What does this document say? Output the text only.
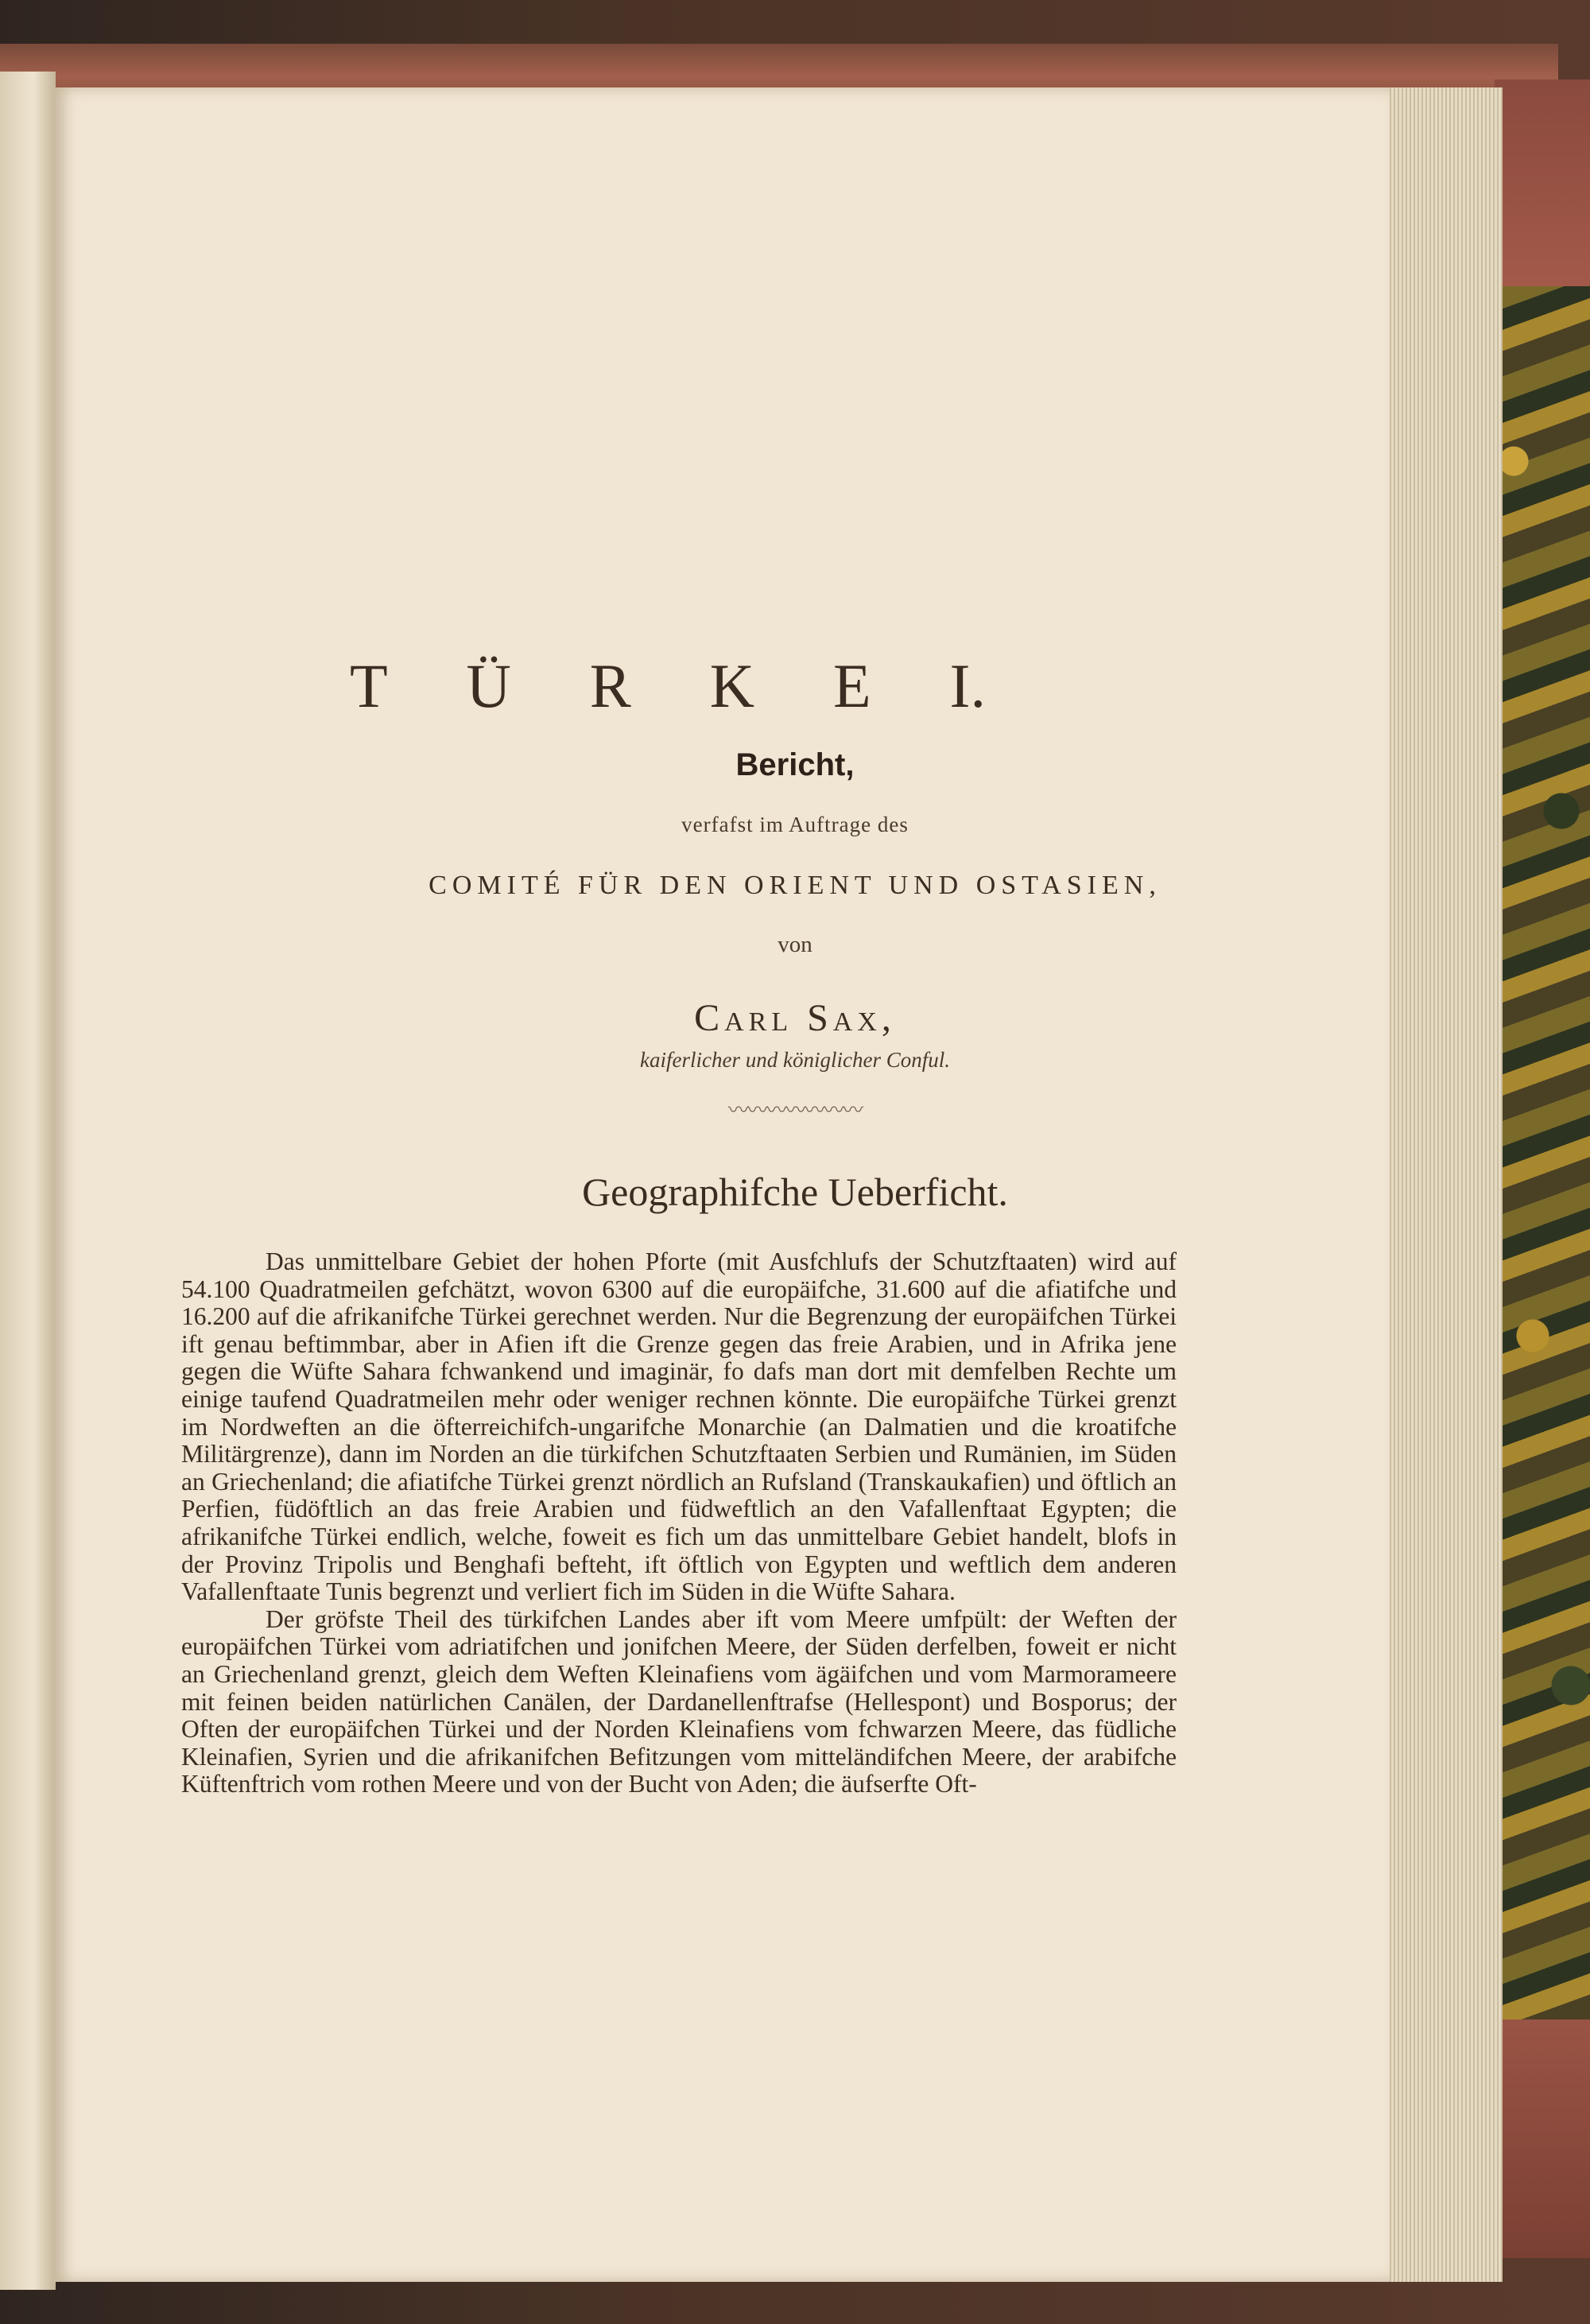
T Ü R K E I.
Bericht,
verfafst im Auftrage des
COMITÉ FÜR DEN ORIENT UND OSTASIEN,
von
Carl Sax,
kaiferlicher und königlicher Conful.
〰〰〰〰〰〰〰
Geographifche Ueberficht.

Das unmittelbare Gebiet der hohen Pforte (mit Ausfchlufs der Schutzftaaten) wird auf 54.100 Quadratmeilen gefchätzt, wovon 6300 auf die europäifche, 31.600 auf die afiatifche und 16.200 auf die afrikanifche Türkei gerechnet werden. Nur die Begrenzung der europäifchen Türkei ift genau beftimmbar, aber in Afien ift die Grenze gegen das freie Arabien, und in Afrika jene gegen die Wüfte Sahara fchwankend und imaginär, fo dafs man dort mit demfelben Rechte um einige taufend Quadratmeilen mehr oder weniger rechnen könnte. Die europäifche Türkei grenzt im Nordweften an die öfterreichifch-ungarifche Monarchie (an Dalmatien und die kroatifche Militärgrenze), dann im Norden an die türkifchen Schutzftaaten Serbien und Rumänien, im Süden an Griechenland; die afiatifche Türkei grenzt nördlich an Rufsland (Transkaukafien) und öftlich an Perfien, füdöftlich an das freie Arabien und füdweftlich an den Vafallenftaat Egypten; die afrikanifche Türkei endlich, welche, foweit es fich um das unmittelbare Gebiet handelt, blofs in der Provinz Tripolis und Benghafi befteht, ift öftlich von Egypten und weftlich dem anderen Vafallenftaate Tunis begrenzt und verliert fich im Süden in die Wüfte Sahara.

Der gröfste Theil des türkifchen Landes aber ift vom Meere umfpült: der Weften der europäifchen Türkei vom adriatifchen und jonifchen Meere, der Süden derfelben, foweit er nicht an Griechenland grenzt, gleich dem Weften Kleinafiens vom ägäifchen und vom Marmorameere mit feinen beiden natürlichen Canälen, der Dardanellenftrafse (Hellespont) und Bosporus; der Often der europäifchen Türkei und der Norden Kleinafiens vom fchwarzen Meere, das füdliche Kleinafien, Syrien und die afrikanifchen Befitzungen vom mitteländifchen Meere, der arabifche Küftenftrich vom rothen Meere und von der Bucht von Aden; die äufserfte Oft-
